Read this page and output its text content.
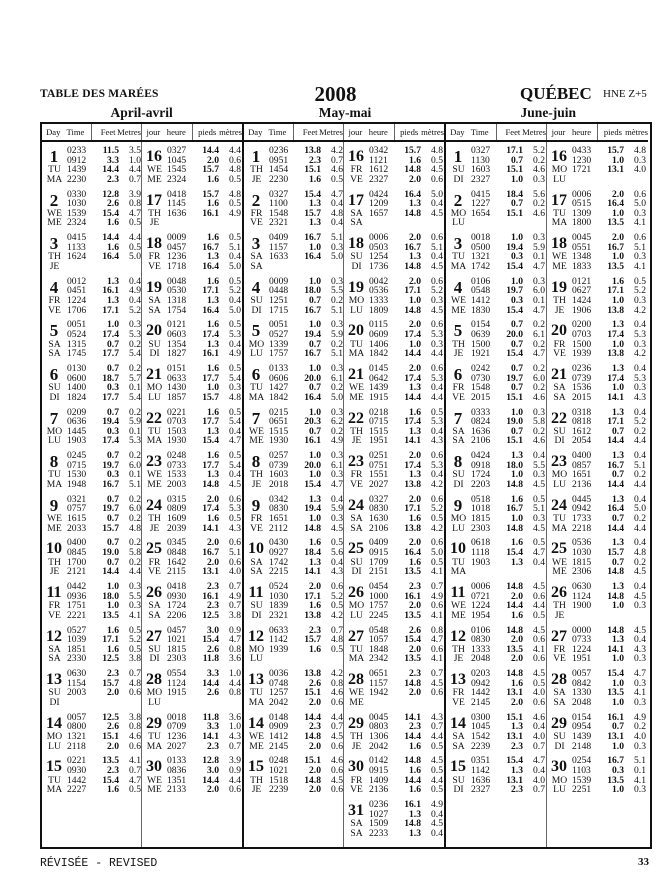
TABLE DES MARÉES	2008	QUÉBEC HNE Z+5
April-avril	May-mai	June-juin
Day Time	Feet Metres jour heure	pieds mètres
1
TU
MA
0233	11.5	3.5
0912	3.3	1.0
1439	14.4	4.4
2230	2.3	0.7
2
WE
ME
0330	12.8	3.9
1030	2.6	0.8
1539	15.4	4.7
2324	1.6	0.5
3
TH
JE
0415	14.4	4.4
1133	1.6	0.5
1624	16.4	5.0
4
FR
VE
0012	1.3	0.4
0451	16.1	4.9
1224	1.3	0.4
1706	17.1	5.2
5
SA
SA
0051	1.0	0.3
0524	17.4	5.3
1315	0.7	0.2
1745	17.7	5.4
6
SU
DI
0130	0.7	0.2
0600	18.7	5.7
1400	0.3	0.1
1824	17.7	5.4
7
MO
LU
0209	0.7	0.2
0636	19.4	5.9
1445	0.3	0.1
1903	17.4	5.3
8
TU
MA
0245	0.7	0.2
0715	19.7	6.0
1530	0.3	0.1
1948	16.7	5.1
9
WE
ME
0321	0.7	0.2
0757	19.7	6.0
1615	0.7	0.2
2033	15.7	4.8
10
TH
JE
0400	0.7	0.2
0845	19.0	5.8
1700	0.7	0.2
2121	14.4	4.4
11
FR
VE
0442	1.0	0.3
0936	18.0	5.5
1751	1.0	0.3
2221	13.5	4.1
12
SA
SA
0527	1.6	0.5
1039	17.1	5.2
1851	1.6	0.5
2330	12.5	3.8
13
SU
DI
0630	2.3	0.7
1154	15.7	4.8
2003	2.0	0.6
14
MO
LU
0057	12.5	3.8
0800	2.6	0.8
1321	15.1	4.6
2118	2.0	0.6
15
TU
MA
0221	13.5	4.1
0930	2.3	0.7
1442	15.4	4.7
2227	1.6	0.5
16
WE
ME
0327	14.4	4.4
1045	2.0	0.6
1545	15.7	4.8
2324	1.6	0.5
17
TH
JE
0418	15.7	4.8
1145	1.6	0.5
1636	16.1	4.9
18
FR
VE
0009	1.6	0.5
0457	16.7	5.1
1236	1.3	0.4
1718	16.4	5.0
19
SA
SA
0048	1.6	0.5
0530	17.1	5.2
1318	1.3	0.4
1754	16.4	5.0
20
SU
DI
0121	1.6	0.5
0603	17.4	5.3
1354	1.3	0.4
1827	16.1	4.9
21
MO
LU
0151	1.6	0.5
0633	17.7	5.4
1430	1.0	0.3
1857	15.7	4.8
22
TU
MA
0221	1.6	0.5
0703	17.7	5.4
1503	1.3	0.4
1930	15.4	4.7
23
WE
ME
0248	1.6	0.5
0733	17.7	5.4
1533	1.3	0.4
2003	14.8	4.5
24
TH
JE
0315	2.0	0.6
0809	17.4	5.3
1609	1.6	0.5
2039	14.1	4.3
25
FR
VE
0345	2.0	0.6
0848	16.7	5.1
1642	2.0	0.6
2115	13.1	4.0
26
SA
SA
0418	2.3	0.7
0930	16.1	4.9
1724	2.3	0.7
2206	12.5	3.8
27
SU
DI
0457	3.0	0.9
1021	15.4	4.7
1815	2.6	0.8
2303	11.8	3.6
28
MO
LU
0554	3.3	1.0
1124	14.4	4.4
1915	2.6	0.8
29
TU
MA
0018	11.8	3.6
0709	3.3	1.0
1236	14.1	4.3
2027	2.3	0.7
30
WE
ME
0133	12.8	3.9
0836	3.0	0.9
1351	14.4	4.4
2133	2.0	0.6
Day Time	Feet Metres jour heure	pieds mètres
1
TH
JE
0236	13.8	4.2
0951	2.3	0.7
1454	15.1	4.6
2230	1.6	0.5
2
FR
VE
0327	15.4	4.7
1100	1.3	0.4
1548	15.7	4.8
2321	1.3	0.4
3
SA
SA
0409	16.7	5.1
1157	1.0	0.3
1633	16.4	5.0
4
SU
DI
0009	1.0	0.3
0448	18.0	5.5
1251	0.7	0.2
1715	16.7	5.1
5
MO
LU
0051	1.0	0.3
0527	19.4	5.9
1339	0.7	0.2
1757	16.7	5.1
6
TU
MA
0133	1.0	0.3
0606	20.0	6.1
1427	0.7	0.2
1842	16.4	5.0
7
WE
ME
0215	1.0	0.3
0651	20.3	6.2
1515	0.7	0.2
1930	16.1	4.9
8
TH
JE
0257	1.0	0.3
0739	20.0	6.1
1603	1.0	0.3
2018	15.4	4.7
9
FR
VE
0342	1.3	0.4
0830	19.4	5.9
1651	1.0	0.3
2112	14.8	4.5
10
SA
SA
0430	1.6	0.5
0927	18.4	5.6
1742	1.3	0.4
2215	14.1	4.3
11
SU
DI
0524	2.0	0.6
1030	17.1	5.2
1839	1.6	0.5
2321	13.8	4.2
12
MO
LU
0633	2.3	0.7
1142	15.7	4.8
1939	1.6	0.5
13
TU
MA
0036	13.8	4.2
0748	2.6	0.8
1257	15.1	4.6
2042	2.0	0.6
14
WE
ME
0148	14.4	4.4
0909	2.3	0.7
1412	14.8	4.5
2145	2.0	0.6
15
TH
JE
0248	15.1	4.6
1021	2.0	0.6
1518	14.8	4.5
2239	2.0	0.6
16
FR
VE
0342	15.7	4.8
1121	1.6	0.5
1612	14.8	4.5
2327	2.0	0.6
17
SA
SA
0424	16.4	5.0
1209	1.3	0.4
1657	14.8	4.5
18
SU
DI
0006	2.0	0.6
0503	16.7	5.1
1254	1.3	0.4
1736	14.8	4.5
19
MO
LU
0042	2.0	0.6
0536	17.1	5.2
1333	1.0	0.3
1809	14.8	4.5
20
TU
MA
0115	2.0	0.6
0609	17.4	5.3
1406	1.0	0.3
1842	14.4	4.4
21
WE
ME
0145	2.0	0.6
0642	17.4	5.3
1439	1.3	0.4
1915	14.4	4.4
22
TH
JE
0218	1.6	0.5
0715	17.4	5.3
1515	1.3	0.4
1951	14.1	4.3
23
FR
VE
0251	2.0	0.6
0751	17.4	5.3
1551	1.3	0.4
2027	13.8	4.2
24
SA
SA
0327	2.0	0.6
0830	17.1	5.2
1630	1.6	0.5
2106	13.8	4.2
25
SU
DI
0409	2.0	0.6
0915	16.4	5.0
1709	1.6	0.5
2151	13.5	4.1
26
MO
LU
0454	2.3	0.7
1000	16.1	4.9
1757	2.0	0.6
2245	13.5	4.1
27
TU
MA
0548	2.6	0.8
1057	15.4	4.7
1848	2.0	0.6
2342	13.5	4.1
28
WE
ME
0651	2.3	0.7
1157	14.8	4.5
1942	2.0	0.6
29
TH
JE
0045	14.1	4.3
0803	2.3	0.7
1306	14.4	4.4
2042	1.6	0.5
30
FR
VE
0142	14.8	4.5
0915	1.6	0.5
1409	14.4	4.4
2136	1.6	0.5
31
SA
SA
0236	16.1	4.9
1027	1.3	0.4
1509	14.8	4.5
2233	1.3	0.4
Day Time	Feet Metres jour heure	pieds mètres
1
SU
DI
0327	17.1	5.2
1130	0.7	0.2
1603	15.1	4.6
2327	1.0	0.3
2
MO
LU
0415	18.4	5.6
1227	0.7	0.2
1654	15.1	4.6
3
TU
MA
0018	1.0	0.3
0500	19.4	5.9
1321	0.3	0.1
1742	15.4	4.7
4
WE
ME
0106	1.0	0.3
0548	19.7	6.0
1412	0.3	0.1
1830	15.4	4.7
5
TH
JE
0154	0.7	0.2
0639	20.0	6.1
1500	0.7	0.2
1921	15.4	4.7
6
FR
VE
0242	0.7	0.2
0730	19.7	6.0
1548	0.7	0.2
2015	15.1	4.6
7
SA
SA
0333	1.0	0.3
0824	19.0	5.8
1636	0.7	0.2
2106	15.1	4.6
8
SU
DI
0424	1.3	0.4
0918	18.0	5.5
1724	1.0	0.3
2203	14.8	4.5
9
MO
LU
0518	1.6	0.5
1018	16.7	5.1
1815	1.0	0.3
2303	14.8	4.5
10
TU
MA
0618	1.6	0.5
1118	15.4	4.7
1903	1.3	0.4
11
WE
ME
0006	14.8	4.5
0721	2.0	0.6
1224	14.4	4.4
1954	1.6	0.5
12
TH
JE
0106	14.8	4.5
0830	2.0	0.6
1333	13.5	4.1
2048	2.0	0.6
13
FR
VE
0203	14.8	4.5
0942	1.6	0.5
1442	13.1	4.0
2145	2.0	0.6
14
SA
SA
0300	15.1	4.6
1045	1.3	0.4
1542	13.1	4.0
2239	2.3	0.7
15
SU
DI
0351	15.4	4.7
1142	1.3	0.4
1636	13.1	4.0
2327	2.3	0.7
16
MO
LU
0433	15.7	4.8
1230	1.0	0.3
1721	13.1	4.0
17
TU
MA
0006	2.0	0.6
0515	16.4	5.0
1309	1.0	0.3
1800	13.5	4.1
18
WE
ME
0045	2.0	0.6
0551	16.7	5.1
1348	1.0	0.3
1833	13.5	4.1
19
TH
JE
0121	1.6	0.5
0627	17.1	5.2
1424	1.0	0.3
1906	13.8	4.2
20
FR
VE
0200	1.3	0.4
0703	17.4	5.3
1500	1.0	0.3
1939	13.8	4.2
21
SA
SA
0236	1.3	0.4
0739	17.4	5.3
1536	1.0	0.3
2015	14.1	4.3
22
SU
DI
0318	1.3	0.4
0818	17.1	5.2
1612	0.7	0.2
2054	14.4	4.4
23
MO
LU
0400	1.3	0.4
0857	16.7	5.1
1651	0.7	0.2
2136	14.4	4.4
24
TU
MA
0445	1.3	0.4
0942	16.4	5.0
1733	0.7	0.2
2218	14.4	4.4
25
WE
ME
0536	1.3	0.4
1030	15.7	4.8
1815	0.7	0.2
2306	14.8	4.5
26
TH
JE
0630	1.3	0.4
1124	14.8	4.5
1900	1.0	0.3
27
FR
VE
0000	14.8	4.5
0733	1.3	0.4
1224	14.1	4.3
1951	1.0	0.3
28
SA
SA
0057	15.4	4.7
0842	1.0	0.3
1330	13.5	4.1
2048	1.0	0.3
29
SU
DI
0154	16.1	4.9
0954	0.7	0.2
1439	13.1	4.0
2148	1.0	0.3
30
MO
LU
0254	16.7	5.1
1103	0.3	0.1
1539	13.5	4.1
2251	1.0	0.3
RÉVISÉE - REVISED	33
